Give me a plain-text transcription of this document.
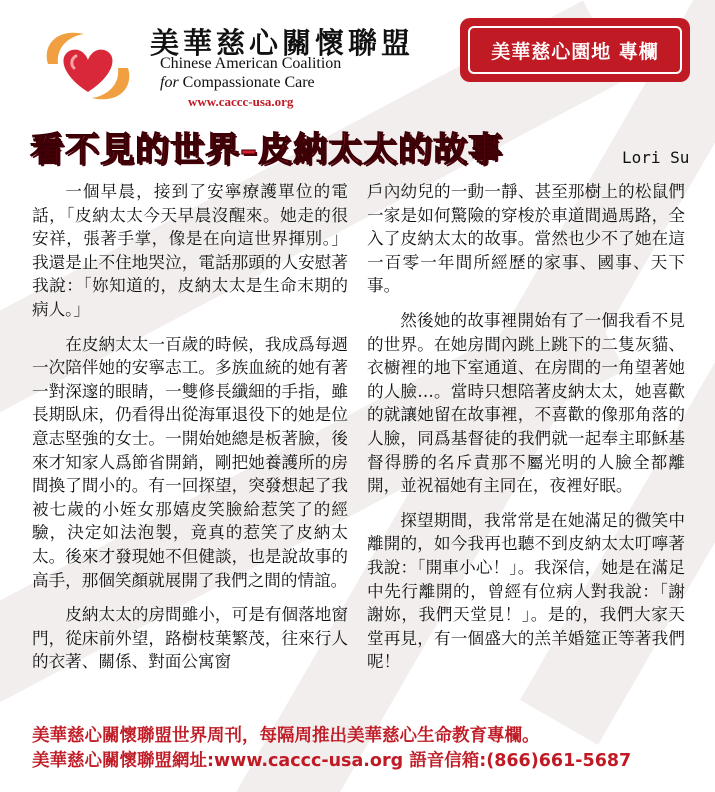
美華慈心關懷聯盟
Chinese American Coalition
for Compassionate Care
www.caccc-usa.org
美華慈心園地 專欄
看不見的世界–皮納太太的故事	Lori Su

一個早晨，接到了安寧療護單位的電話，「皮納太太今天早晨沒醒來。她走的很安祥，張著手掌，像是在向這世界揮別。」我還是止不住地哭泣，電話那頭的人安慰著我說：「妳知道的，皮納太太是生命末期的病人。」

在皮納太太一百歲的時候，我成爲每週一次陪伴她的安寧志工。多族血統的她有著一對深邃的眼睛，一雙修長纖細的手指，雖長期臥床，仍看得出從海軍退役下的她是位意志堅強的女士。一開始她總是板著臉，後來才知家人爲節省開銷，剛把她養護所的房間換了間小的。有一回探望，突發想起了我被七歲的小姪女那嬉皮笑臉給惹笑了的經驗，決定如法泡製，竟真的惹笑了皮納太太。後來才發現她不但健談，也是說故事的高手，那個笑顏就展開了我們之間的情誼。

皮納太太的房間雖小，可是有個落地窗門，從床前外望，路樹枝葉繁茂，往來行人的衣著、關係、對面公寓窗

戶內幼兒的一動一靜、甚至那樹上的松鼠們一家是如何驚險的穿梭於車道間過馬路，全入了皮納太太的故事。當然也少不了她在這一百零一年間所經歷的家事、國事、天下事。

然後她的故事裡開始有了一個我看不見的世界。在她房間內跳上跳下的二隻灰貓、衣櫥裡的地下室通道、在房間的一角望著她的人臉…。當時只想陪著皮納太太，她喜歡的就讓她留在故事裡，不喜歡的像那角落的人臉，同爲基督徒的我們就一起奉主耶穌基督得勝的名斥責那不屬光明的人臉全都離開，並祝福她有主同在，夜裡好眠。

探望期間，我常常是在她滿足的微笑中離開的，如今我再也聽不到皮納太太叮嚀著我說：「開車小心！」。我深信，她是在滿足中先行離開的，曾經有位病人對我說：「謝謝妳，我們天堂見！」。是的，我們大家天堂再見，有一個盛大的羔羊婚筵正等著我們呢！

美華慈心關懷聯盟世界周刊，每隔周推出美華慈心生命教育專欄。
美華慈心關懷聯盟網址:www.caccc-usa.org 語音信箱:(866)661-5687
